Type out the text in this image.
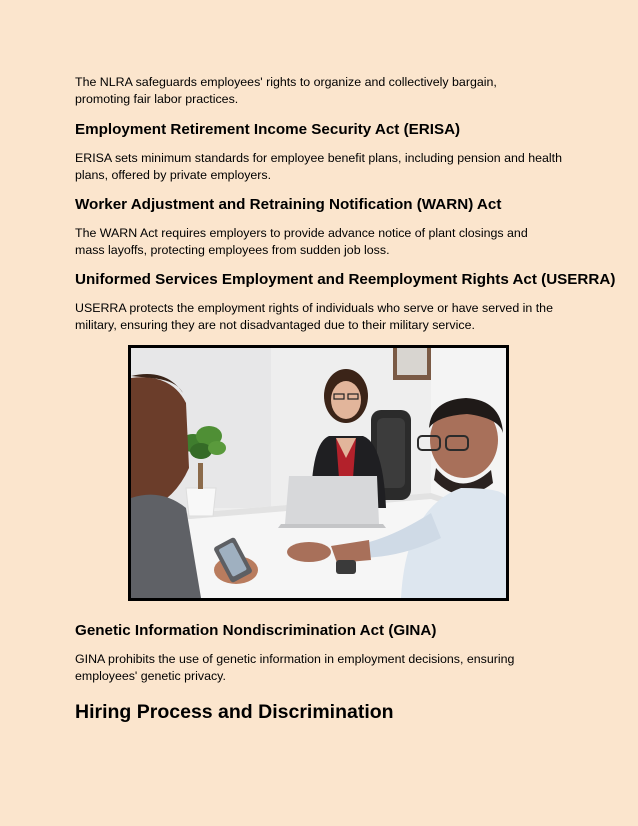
The NLRA safeguards employees' rights to organize and collectively bargain, promoting fair labor practices.

Employment Retirement Income Security Act (ERISA)

ERISA sets minimum standards for employee benefit plans, including pension and health plans, offered by private employers.

Worker Adjustment and Retraining Notification (WARN) Act

The WARN Act requires employers to provide advance notice of plant closings and mass layoffs, protecting employees from sudden job loss.

Uniformed Services Employment and Reemployment Rights Act (USERRA)

USERRA protects the employment rights of individuals who serve or have served in the military, ensuring they are not disadvantaged due to their military service.

Genetic Information Nondiscrimination Act (GINA)

GINA prohibits the use of genetic information in employment decisions, ensuring employees' genetic privacy.

Hiring Process and Discrimination
